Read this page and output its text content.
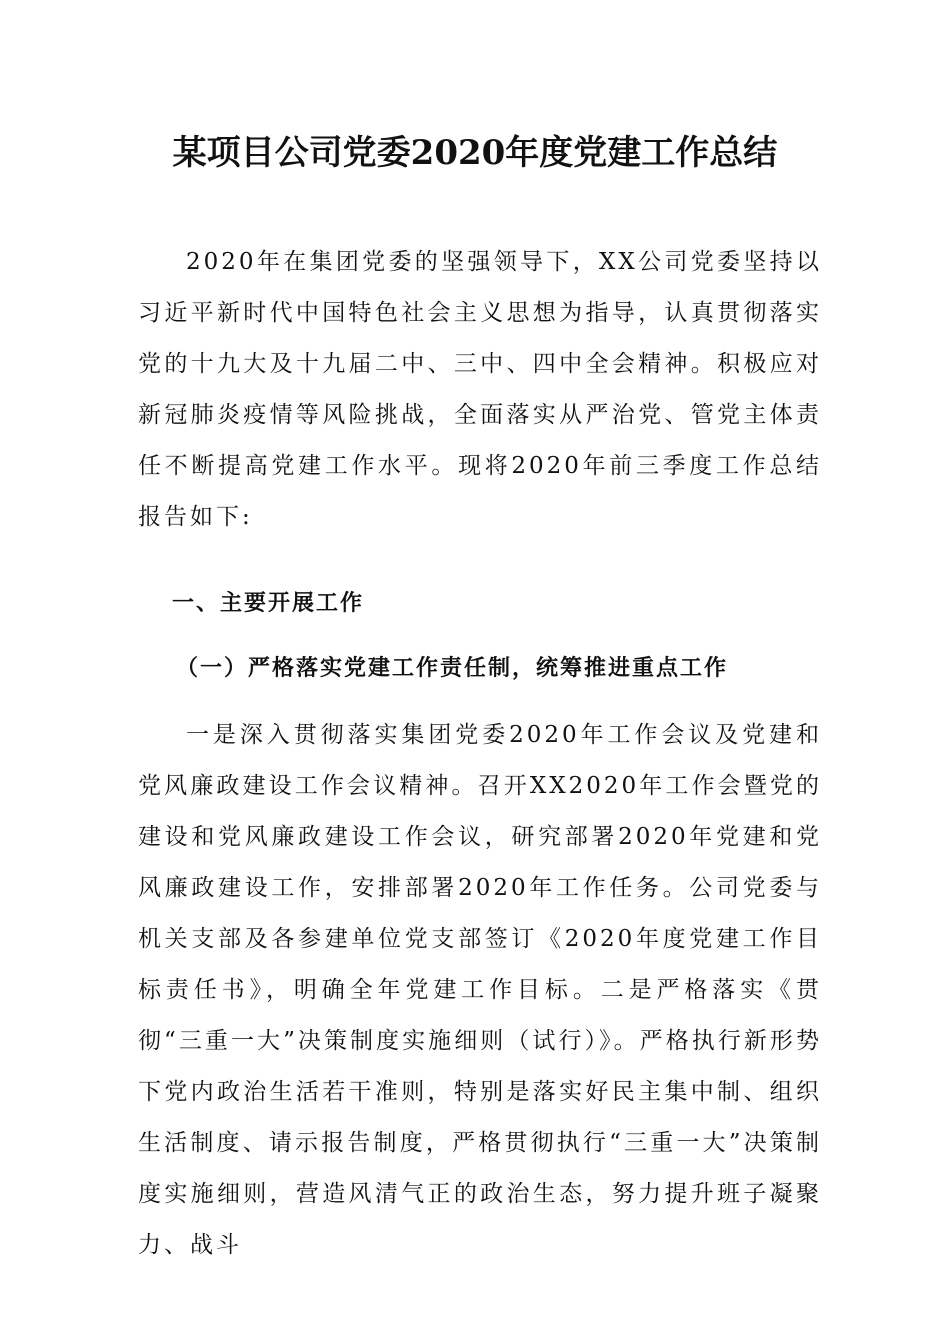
某项目公司党委2020年度党建工作总结

2020年在集团党委的坚强领导下，XX公司党委坚持以习近平新时代中国特色社会主义思想为指导，认真贯彻落实党的十九大及十九届二中、三中、四中全会精神。积极应对新冠肺炎疫情等风险挑战，全面落实从严治党、管党主体责任不断提高党建工作水平。现将2020年前三季度工作总结报告如下:

一、主要开展工作
（一）严格落实党建工作责任制，统筹推进重点工作

一是深入贯彻落实集团党委2020年工作会议及党建和党风廉政建设工作会议精神。召开XX2020年工作会暨党的建设和党风廉政建设工作会议，研究部署2020年党建和党风廉政建设工作，安排部署2020年工作任务。公司党委与机关支部及各参建单位党支部签订《2020年度党建工作目标责任书》，明确全年党建工作目标。二是严格落实《贯彻“三重一大”决策制度实施细则（试行）》。严格执行新形势下党内政治生活若干准则，特别是落实好民主集中制、组织生活制度、请示报告制度，严格贯彻执行“三重一大”决策制度实施细则，营造风清气正的政治生态，努力提升班子凝聚力、战斗
